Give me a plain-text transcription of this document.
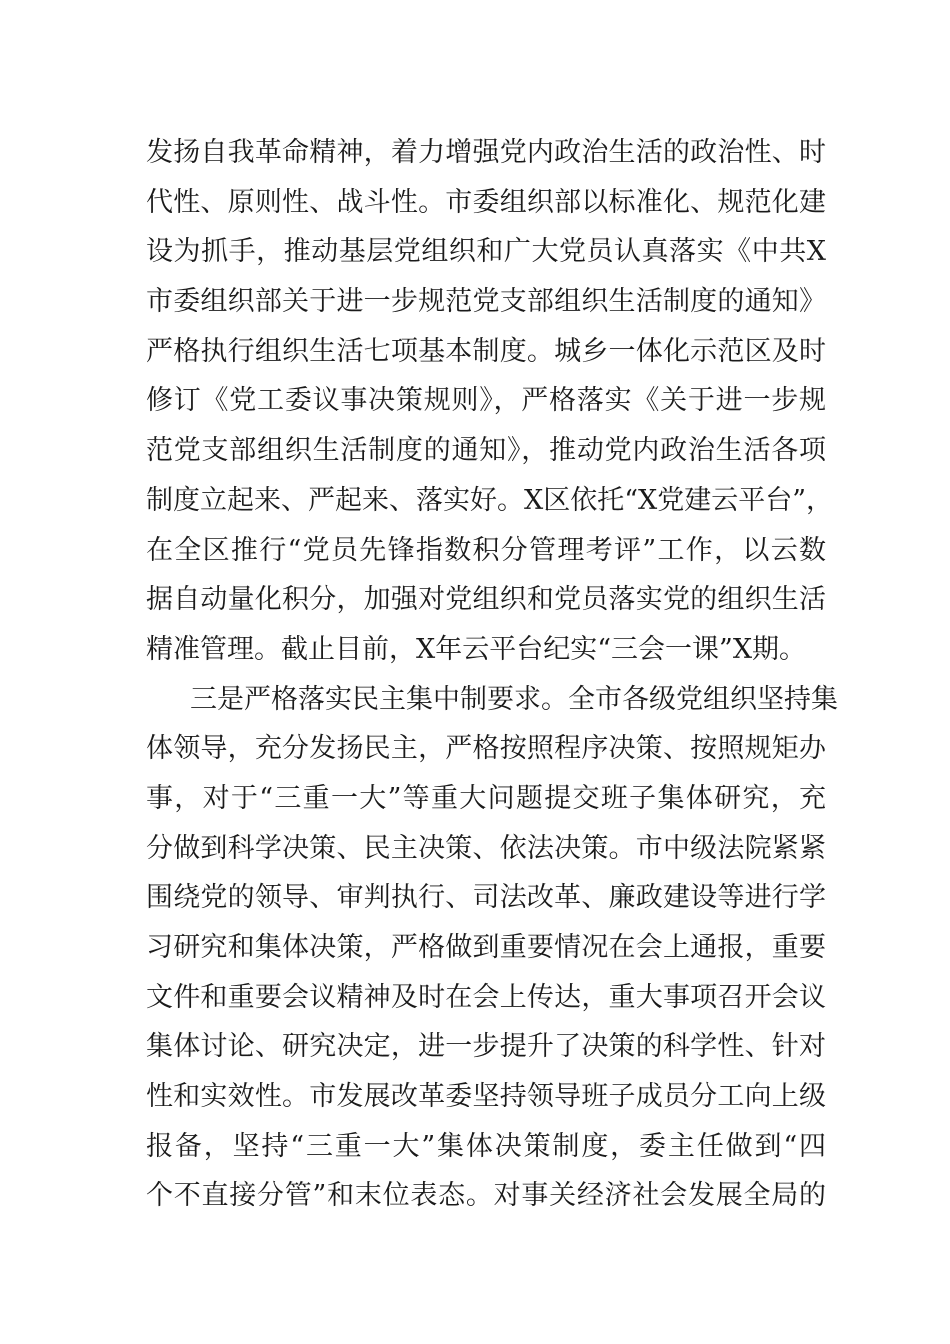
发扬自我革命精神，着力增强党内政治生活的政治性、时
代性、原则性、战斗性。市委组织部以标准化、规范化建
设为抓手，推动基层党组织和广大党员认真落实《中共X
市委组织部关于进一步规范党支部组织生活制度的通知》
严格执行组织生活七项基本制度。城乡一体化示范区及时
修订《党工委议事决策规则》，严格落实《关于进一步规
范党支部组织生活制度的通知》，推动党内政治生活各项
制度立起来、严起来、落实好。X区依托“X党建云平台”，
在全区推行“党员先锋指数积分管理考评”工作，以云数
据自动量化积分，加强对党组织和党员落实党的组织生活
精准管理。截止目前，X年云平台纪实“三会一课”X期。
三是严格落实民主集中制要求。全市各级党组织坚持集
体领导，充分发扬民主，严格按照程序决策、按照规矩办
事，对于“三重一大”等重大问题提交班子集体研究，充
分做到科学决策、民主决策、依法决策。市中级法院紧紧
围绕党的领导、审判执行、司法改革、廉政建设等进行学
习研究和集体决策，严格做到重要情况在会上通报，重要
文件和重要会议精神及时在会上传达，重大事项召开会议
集体讨论、研究决定，进一步提升了决策的科学性、针对
性和实效性。市发展改革委坚持领导班子成员分工向上级
报备，坚持“三重一大”集体决策制度，委主任做到“四
个不直接分管”和末位表态。对事关经济社会发展全局的
